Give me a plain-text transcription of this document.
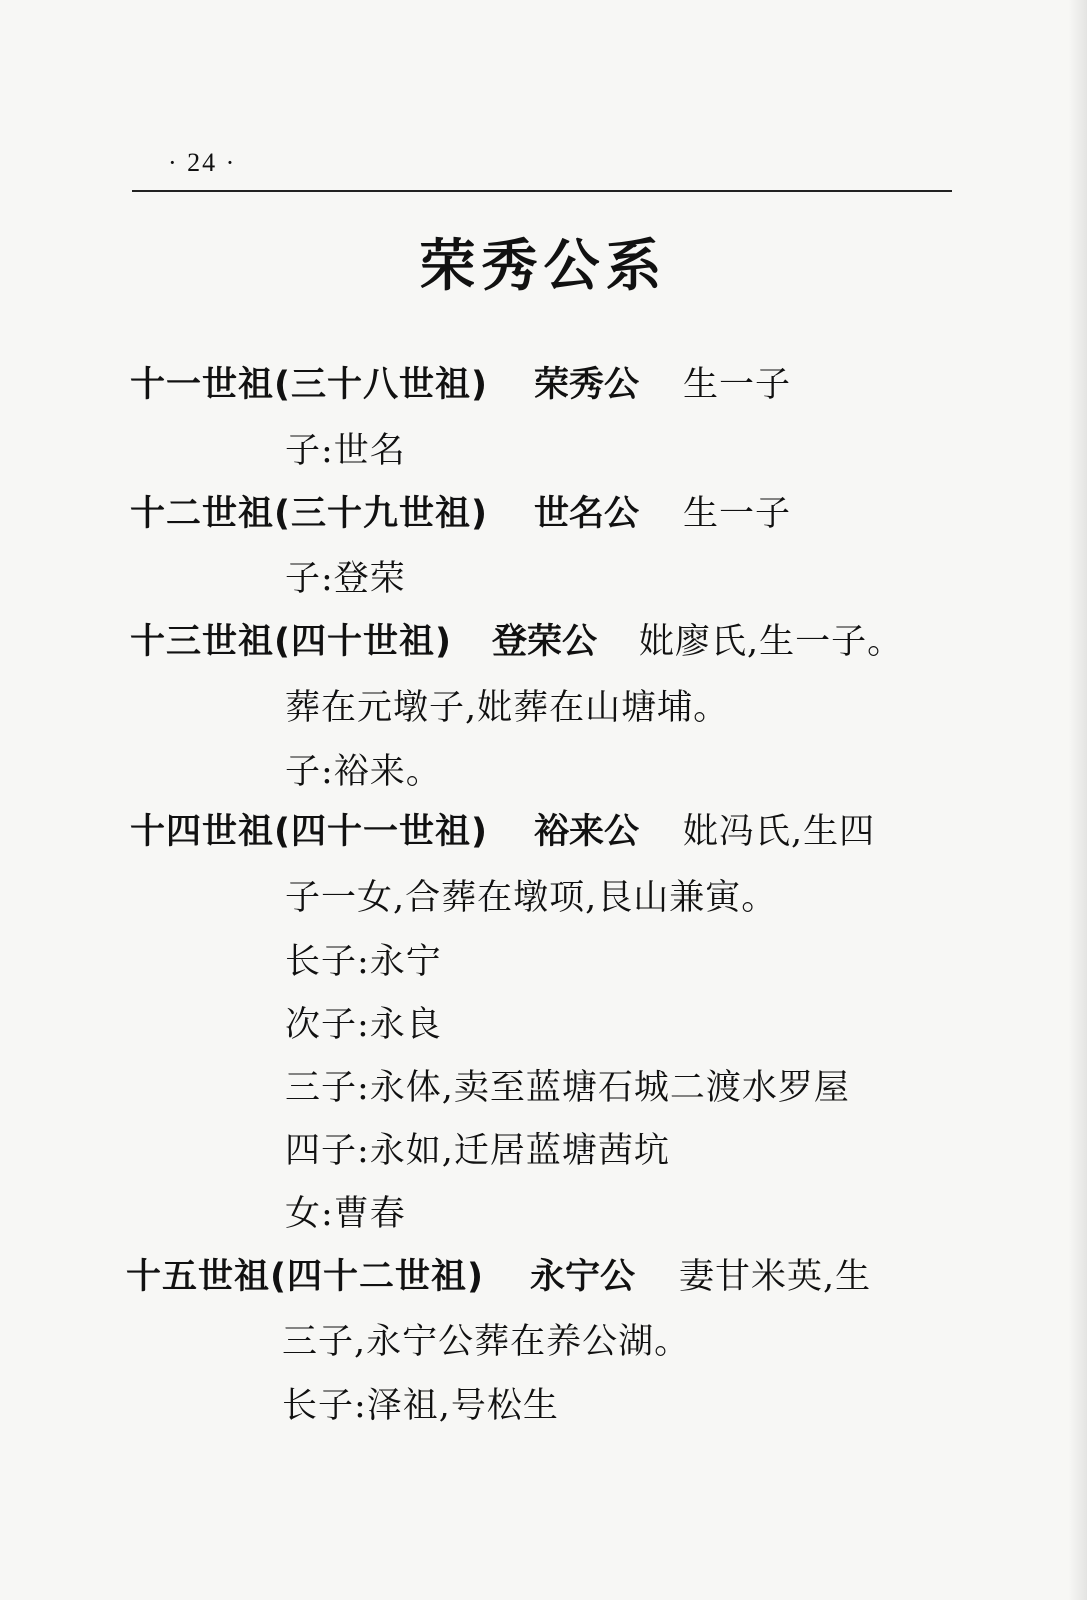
· 24 ·
荣秀公系
十一世祖(三十八世祖) 荣秀公 生一子
子:世名
十二世祖(三十九世祖) 世名公 生一子
子:登荣
十三世祖(四十世祖) 登荣公 妣廖氏,生一子。
葬在元墩子,妣葬在山塘埔。
子:裕来。
十四世祖(四十一世祖) 裕来公 妣冯氏,生四
子一女,合葬在墩项,艮山兼寅。
长子:永宁
次子:永良
三子:永体,卖至蓝塘石城二渡水罗屋
四子:永如,迁居蓝塘茜坑
女:曹春
十五世祖(四十二世祖) 永宁公 妻甘米英,生
三子,永宁公葬在养公湖。
长子:泽祖,号松生
